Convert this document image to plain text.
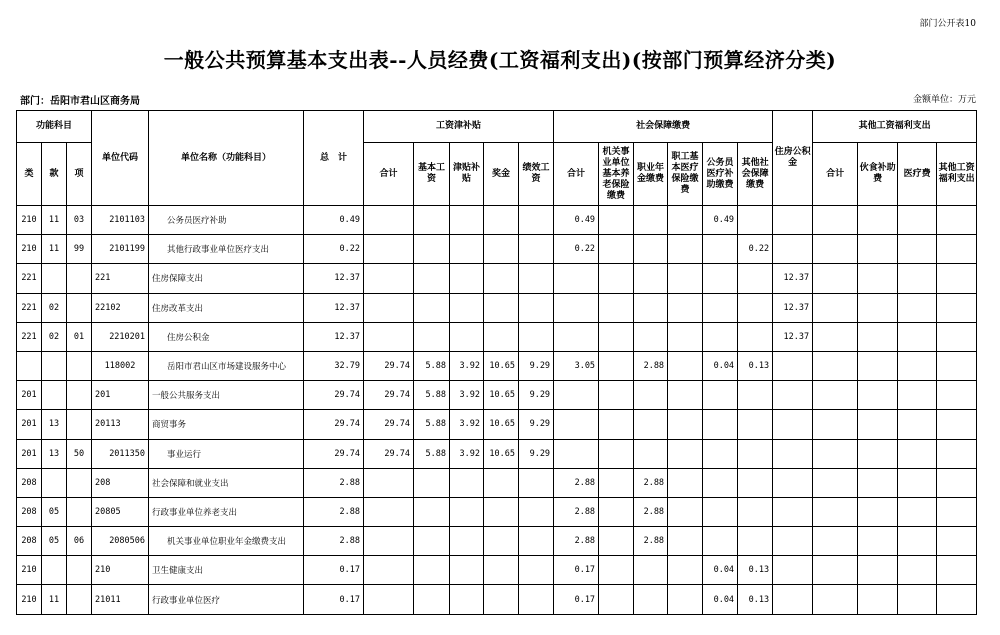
部门公开表10
一般公共预算基本支出表--人员经费(工资福利支出)(按部门预算经济分类)
部门：岳阳市君山区商务局	金额单位：万元
功能科目			单位代码	单位名称（功能科目）	总　计	工资津补贴					社会保障缴费						住房公积金	其他工资福利支出			
类	款	项				合计	基本工资	津贴补贴	奖金	绩效工资	合计	机关事业单位基本养老保险缴费	职业年金缴费	职工基本医疗保险缴费	公务员医疗补助缴费	其他社会保障缴费		合计	伙食补助费	医疗费	其他工资福利支出
210	11	03	2101103	公务员医疗补助	0.49						0.49				0.49						
210	11	99	2101199	其他行政事业单位医疗支出	0.22						0.22					0.22					
221			221	住房保障支出	12.37												12.37				
221	02		22102	住房改革支出	12.37												12.37				
221	02	01	2210201	住房公积金	12.37												12.37				
			118002	岳阳市君山区市场建设服务中心	32.79	29.74	5.88	3.92	10.65	9.29	3.05		2.88		0.04	0.13					
201			201	一般公共服务支出	29.74	29.74	5.88	3.92	10.65	9.29											
201	13		20113	商贸事务	29.74	29.74	5.88	3.92	10.65	9.29											
201	13	50	2011350	事业运行	29.74	29.74	5.88	3.92	10.65	9.29											
208			208	社会保障和就业支出	2.88						2.88		2.88								
208	05		20805	行政事业单位养老支出	2.88						2.88		2.88								
208	05	06	2080506	机关事业单位职业年金缴费支出	2.88						2.88		2.88								
210			210	卫生健康支出	0.17						0.17				0.04	0.13					
210	11		21011	行政事业单位医疗	0.17						0.17				0.04	0.13					
